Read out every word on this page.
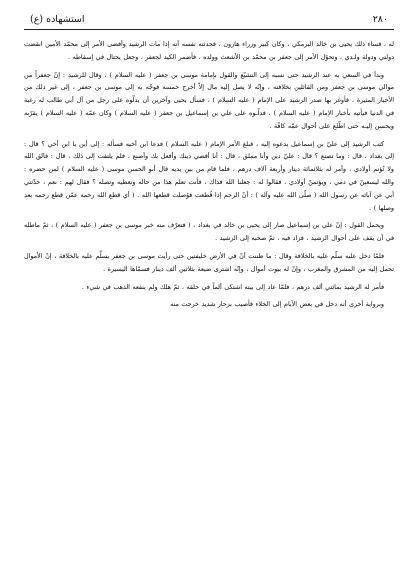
٢٨٠
استشهاده (ع)

له ، فساء ذلك يحيى بن خالد البرمكي ، وكان كبير وزراء هارون ، فحدثته نفسه أنه إذا مات الرشيد وأفضى الأمر إلى محمّد الأمين انقضت دولتي ودولة ولـدي ، وتحوّل الأمر إلى جعفر بن محمّد بن الأشعث وولده ، فأضمر الكيد لجعفر ، وجعل يحتال في إسقاطه .

وبدأ في السعي به عند الرشيد حتى نسبه إلى التشيّع والقول بإمامة موسى بن جعفر ( عليه السلام ) ، وقال للرشيد : إنّ جعفراً من موالي موسى بن جعفر ومن القائلين بخلافته ، وإنّه لا يصل إليه مال إلاّ أخرج خمسه فوجّه به إلى موسى بن جعفر ، إلى غير ذلك من الأخبار المثيرة ، فأوغر بها صدر الرشيد على الإمام ( عليه السلام ) ، فسأل يحيى وآخرين أن يدلّوه على رجل من آل أبي طالب له رغبة في الدنيا فيأتيه بأخبار الإمام ( عليه السلام ) ، فدلّـوه على علي بن إسماعيل بن جعفر ( عليه السلام ) وكان عمّه ( عليه السلام ) يقرّبه ويحسن إليـه حتى اطّلع على أحوال عمّه كافّة .

كتب الرشيد إلى عليّ بن إسماعيل يدعوه إليه ، فبلغ الأمر الإمام ( عليه السلام ) فدعا ابن أخيه فسأله : إلى أين يا ابن أخي ؟ قال : إلى بغداد ، قال : وما تصنع ؟ قال : عليّ دين وأنا مملق ، قال : أنا أقضي دينك وأفعل بك وأصنع ، فلم يلتفت إلى ذلك ، قال : فاتّق الله ولا تُؤتم أولادي ، وأمر له بثلاثمائة دينار وأربعة آلاف درهم ، فلما قام من بين يديه قال أبو الحسن موسى ( عليه السلام ) لمن حضره : والله ليسعينّ في دمي ، ويؤتمنّ أولادي ، فقالوا له : جعلنا الله فداك ، فأنت تعلم هذا من حاله وتعطيه وتصله ؟ فقال لهم : نعم ، حدّثني أبي عن آبائه عن رسول الله ( صلّى الله عليه وآله ) : أنّ الرحم إذا قُطعت فوُصلت قطعها الله . ( أي قطع الله رحمه عمّن قطع رحمه بعد وصلها ) .

ويحمل القول : إنّ علي بن إسماعيل صار إلى يحيى بن خالد في بغداد ، ( فتعرّف منه خبر موسى بن جعفر ( عليه السلام ) ، ثمّ ماطله في أن يقف على أحوال الرشيد ، فزاد فيه ، ثمّ صحبه إلى الرشيد .

فلمّا دخل عليه سلّم عليه بالخلافة وقال : ما ظننت أنّ في الأرض خليفتين حتى رأيت موسى بن جعفر يسلَّم عليه بالخلافة ، إنّ الأموال تحمل إليه من المشرق والمغرب ، وإنّ له بيوت أموال ، وإنّه اشترى ضيعة بثلاثين ألف دينار فسمّاها اليسيرة .

فأمر له الرشيد بمائتي ألف درهم ، فلمّا عاد إلى بيته اشتكى ألماً في حلقه ، ثمّ هلك ولم ينفعه الذهب في شيء .

وبرواية أخرى أنه دخل في بعض الأيام إلى الخلاء فأصيب بزحار شديد خرجت منه
